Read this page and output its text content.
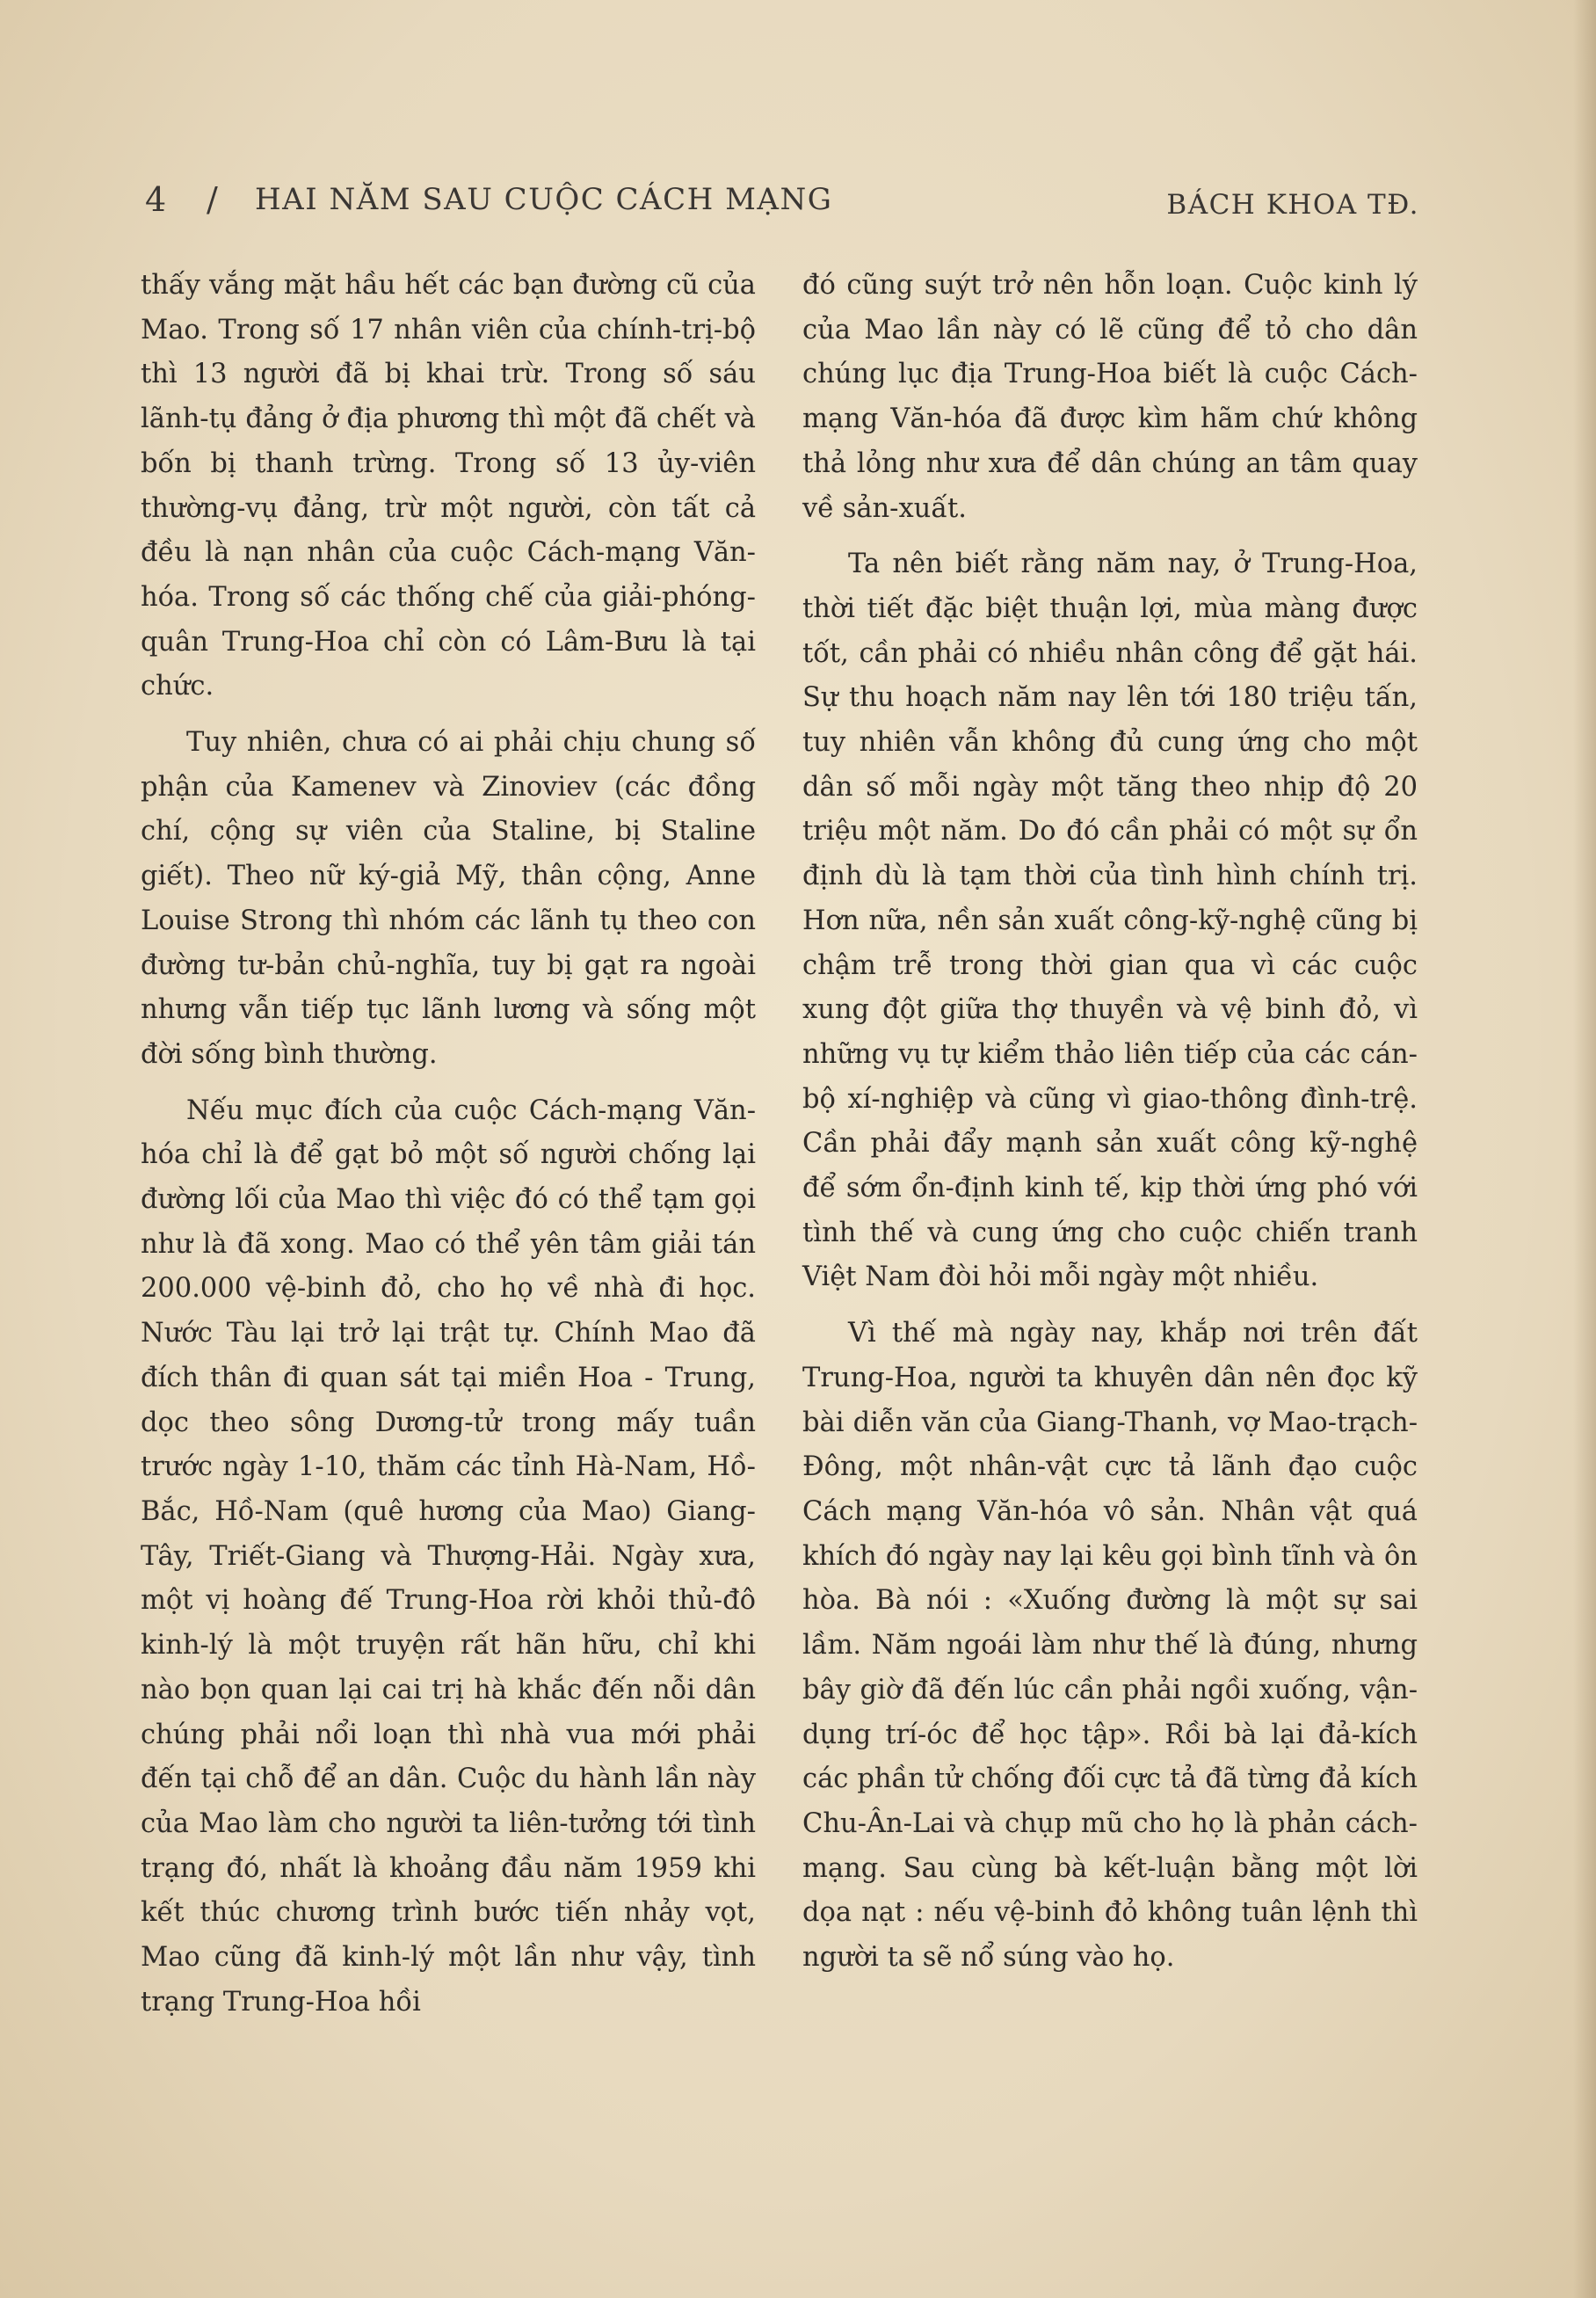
4 / HAI NĂM SAU CUỘC CÁCH MẠNG	BÁCH KHOA TĐ.

thấy vắng mặt hầu hết các bạn đường cũ của Mao. Trong số 17 nhân viên của chính-trị-bộ thì 13 người đã bị khai trừ. Trong số sáu lãnh-tụ đảng ở địa phương thì một đã chết và bốn bị thanh trừng. Trong số 13 ủy-viên thường-vụ đảng, trừ một người, còn tất cả đều là nạn nhân của cuộc Cách-mạng Văn-hóa. Trong số các thống chế của giải-phóng-quân Trung-Hoa chỉ còn có Lâm-Bưu là tại chức.

Tuy nhiên, chưa có ai phải chịu chung số phận của Kamenev và Zinoviev (các đồng chí, cộng sự viên của Staline, bị Staline giết). Theo nữ ký-giả Mỹ, thân cộng, Anne Louise Strong thì nhóm các lãnh tụ theo con đường tư-bản chủ-nghĩa, tuy bị gạt ra ngoài nhưng vẫn tiếp tục lãnh lương và sống một đời sống bình thường.

Nếu mục đích của cuộc Cách-mạng Văn-hóa chỉ là để gạt bỏ một số người chống lại đường lối của Mao thì việc đó có thể tạm gọi như là đã xong. Mao có thể yên tâm giải tán 200.000 vệ-binh đỏ, cho họ về nhà đi học. Nước Tàu lại trở lại trật tự. Chính Mao đã đích thân đi quan sát tại miền Hoa - Trung, dọc theo sông Dương-tử trong mấy tuần trước ngày 1-10, thăm các tỉnh Hà-Nam, Hồ-Bắc, Hồ-Nam (quê hương của Mao) Giang-Tây, Triết-Giang và Thượng-Hải. Ngày xưa, một vị hoàng đế Trung-Hoa rời khỏi thủ-đô kinh-lý là một truyện rất hãn hữu, chỉ khi nào bọn quan lại cai trị hà khắc đến nỗi dân chúng phải nổi loạn thì nhà vua mới phải đến tại chỗ để an dân. Cuộc du hành lần này của Mao làm cho người ta liên-tưởng tới tình trạng đó, nhất là khoảng đầu năm 1959 khi kết thúc chương trình bước tiến nhảy vọt, Mao cũng đã kinh-lý một lần như vậy, tình trạng Trung-Hoa hồi

đó cũng suýt trở nên hỗn loạn. Cuộc kinh lý của Mao lần này có lẽ cũng để tỏ cho dân chúng lục địa Trung-Hoa biết là cuộc Cách-mạng Văn-hóa đã được kìm hãm chứ không thả lỏng như xưa để dân chúng an tâm quay về sản-xuất.

Ta nên biết rằng năm nay, ở Trung-Hoa, thời tiết đặc biệt thuận lợi, mùa màng được tốt, cần phải có nhiều nhân công để gặt hái. Sự thu hoạch năm nay lên tới 180 triệu tấn, tuy nhiên vẫn không đủ cung ứng cho một dân số mỗi ngày một tăng theo nhịp độ 20 triệu một năm. Do đó cần phải có một sự ổn định dù là tạm thời của tình hình chính trị. Hơn nữa, nền sản xuất công-kỹ-nghệ cũng bị chậm trễ trong thời gian qua vì các cuộc xung đột giữa thợ thuyền và vệ binh đỏ, vì những vụ tự kiểm thảo liên tiếp của các cán-bộ xí-nghiệp và cũng vì giao-thông đình-trệ. Cần phải đẩy mạnh sản xuất công kỹ-nghệ để sớm ổn-định kinh tế, kịp thời ứng phó với tình thế và cung ứng cho cuộc chiến tranh Việt Nam đòi hỏi mỗi ngày một nhiều.

Vì thế mà ngày nay, khắp nơi trên đất Trung-Hoa, người ta khuyên dân nên đọc kỹ bài diễn văn của Giang-Thanh, vợ Mao-trạch-Đông, một nhân-vật cực tả lãnh đạo cuộc Cách mạng Văn-hóa vô sản. Nhân vật quá khích đó ngày nay lại kêu gọi bình tĩnh và ôn hòa. Bà nói : «Xuống đường là một sự sai lầm. Năm ngoái làm như thế là đúng, nhưng bây giờ đã đến lúc cần phải ngồi xuống, vận-dụng trí-óc để học tập». Rồi bà lại đả-kích các phần tử chống đối cực tả đã từng đả kích Chu-Ân-Lai và chụp mũ cho họ là phản cách-mạng. Sau cùng bà kết-luận bằng một lời dọa nạt : nếu vệ-binh đỏ không tuân lệnh thì người ta sẽ nổ súng vào họ.
